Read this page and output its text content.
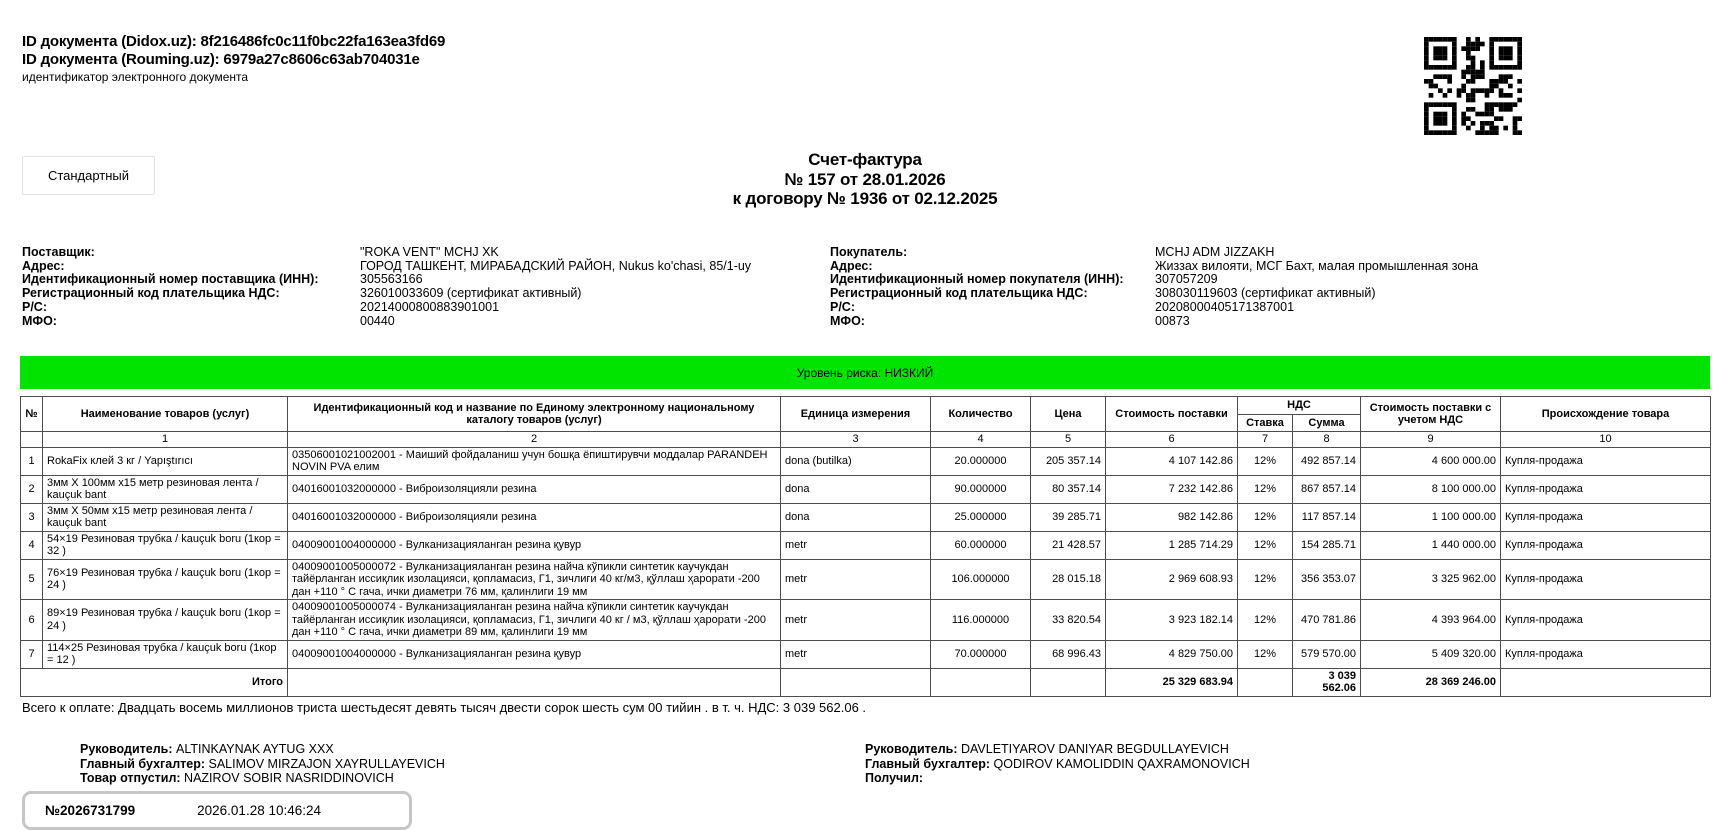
ID документа (Didox.uz): 8f216486fc0c11f0bc22fa163ea3fd69
ID документа (Rouming.uz): 6979a27c8606c63ab704031e
идентификатор электронного документа
Стандартный
Счет-фактура
№ 157 от 28.01.2026
к договору № 1936 от 02.12.2025
Поставщик:	"ROKA VENT" MCHJ XK
Адрес:	ГОРОД ТАШКЕНТ, МИРАБАДСКИЙ РАЙОН, Nukus ko'chasi, 85/1-uy
Идентификационный номер поставщика (ИНН):	305563166
Регистрационный код плательщика НДС:	326010033609 (сертификат активный)
Р/С:	20214000800883901001
МФО:	00440
Покупатель:	MCHJ ADM JIZZAKH
Адрес:	Жиззах вилояти, МСГ Бахт, малая промышленная зона
Идентификационный номер покупателя (ИНН):	307057209
Регистрационный код плательщика НДС:	308030119603 (сертификат активный)
Р/С:	20208000405171387001
МФО:	00873
Уровень риска: НИЗКИЙ
№	Наименование товаров (услуг)	Идентификационный код и название по Единому электронному национальному каталогу товаров (услуг)	Единица измерения	Количество	Цена	Стоимость поставки	НДС		Стоимость поставки с учетом НДС	Происхождение товара
							Ставка	Сумма		
	1	2	3	4	5	6	7	8	9	10
1	RokaFix клей 3 кг / Yapıştırıcı	03506001021002001 - Маиший фойдаланиш учун бошқа ёпиштирувчи моддалар PARANDEH NOVIN PVA елим	dona (butilka)	20.000000	205 357.14	4 107 142.86	12%	492 857.14	4 600 000.00	Купля-продажа
2	3мм X 100мм x15 метр резиновая лента / kauçuk bant	04016001032000000 - Виброизоляцияли резина	dona	90.000000	80 357.14	7 232 142.86	12%	867 857.14	8 100 000.00	Купля-продажа
3	3мм X 50мм x15 метр резиновая лента / kauçuk bant	04016001032000000 - Виброизоляцияли резина	dona	25.000000	39 285.71	982 142.86	12%	117 857.14	1 100 000.00	Купля-продажа
4	54×19 Резиновая трубка / kauçuk boru (1кор = 32 )	04009001004000000 - Вулканизацияланган резина қувур	metr	60.000000	21 428.57	1 285 714.29	12%	154 285.71	1 440 000.00	Купля-продажа
5	76×19 Резиновая трубка / kauçuk boru (1кор = 24 )	04009001005000072 - Вулканизацияланган резина найча кўпикли синтетик каучукдан тайёрланган иссиқлик изолацияси, қопламасиз, Г1, зичлиги 40 кг/м3, қўллаш ҳарорати -200 дан +110 ° С гача, ички диаметри 76 мм, қалинлиги 19 мм	metr	106.000000	28 015.18	2 969 608.93	12%	356 353.07	3 325 962.00	Купля-продажа
6	89×19 Резиновая трубка / kauçuk boru (1кор = 24 )	04009001005000074 - Вулканизацияланган резина найча кўпикли синтетик каучукдан тайёрланган иссиқлик изолацияси, қопламасиз, Г1, зичлиги 40 кг / м3, қўллаш ҳарорати -200 дан +110 ° С гача, ички диаметри 89 мм, қалинлиги 19 мм	metr	116.000000	33 820.54	3 923 182.14	12%	470 781.86	4 393 964.00	Купля-продажа
7	114×25 Резиновая трубка / kauçuk boru (1кор = 12 )	04009001004000000 - Вулканизацияланган резина қувур	metr	70.000000	68 996.43	4 829 750.00	12%	579 570.00	5 409 320.00	Купля-продажа
Итого						25 329 683.94		3 039 562.06	28 369 246.00	
Всего к оплате: Двадцать восемь миллионов триста шестьдесят девять тысяч двести сорок шесть сум 00 тийин . в т. ч. НДС: 3 039 562.06 .
Руководитель: ALTINKAYNAK AYTUG XXX
Главный бухгалтер: SALIMOV MIRZAJON XAYRULLAYEVICH
Товар отпустил: NAZIROV SOBIR NASRIDDINOVICH
Руководитель: DAVLETIYAROV DANIYAR BEGDULLAYEVICH
Главный бухгалтер: QODIROV KAMOLIDDIN QAXRAMONOVICH
Получил:
№2026731799	2026.01.28 10:46:24
